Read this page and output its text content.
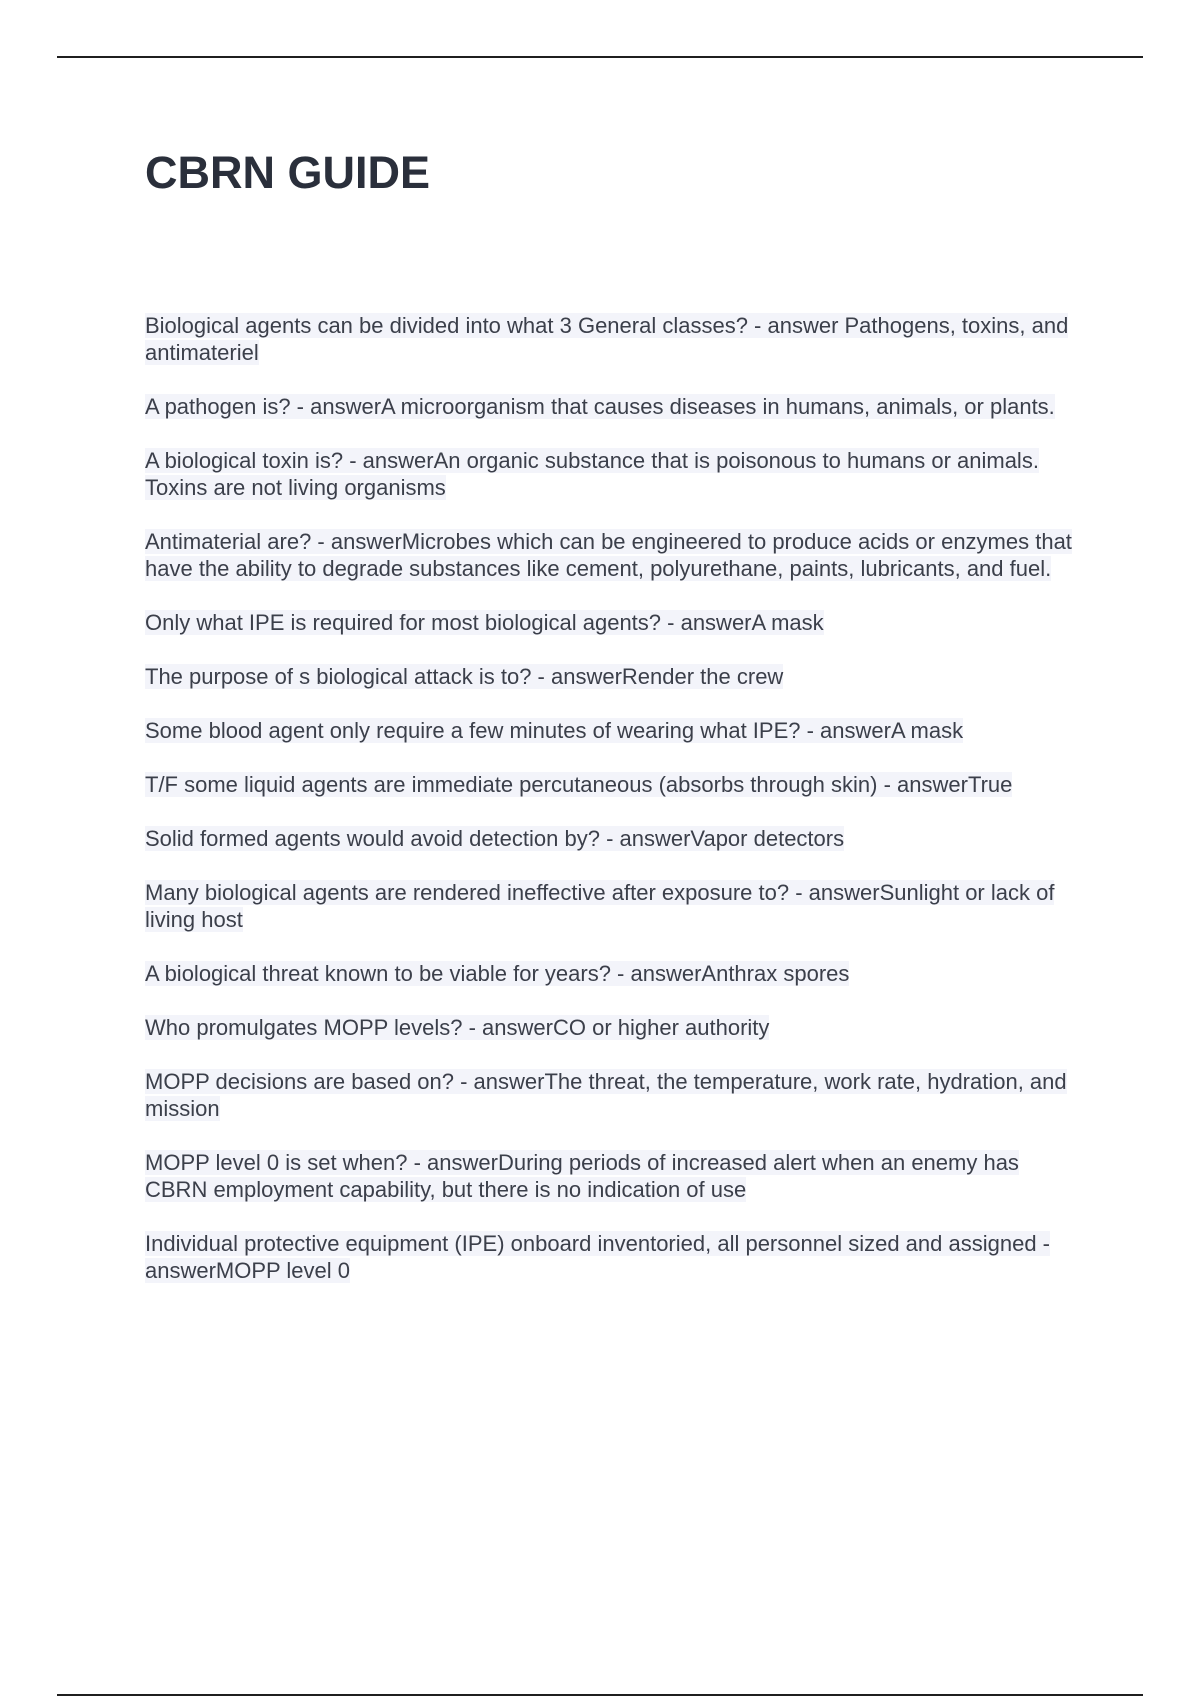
CBRN GUIDE
Biological agents can be divided into what 3 General classes? - answer Pathogens, toxins, and antimateriel
A pathogen is? - answerA microorganism that causes diseases in humans, animals, or plants.
A biological toxin is? - answerAn organic substance that is poisonous to humans or animals. Toxins are not living organisms
Antimaterial are? - answerMicrobes which can be engineered to produce acids or enzymes that have the ability to degrade substances like cement, polyurethane, paints, lubricants, and fuel.
Only what IPE is required for most biological agents? - answerA mask
The purpose of s biological attack is to? - answerRender the crew
Some blood agent only require a few minutes of wearing what IPE? - answerA mask
T/F some liquid agents are immediate percutaneous (absorbs through skin) - answerTrue
Solid formed agents would avoid detection by? - answerVapor detectors
Many biological agents are rendered ineffective after exposure to? - answerSunlight or lack of living host
A biological threat known to be viable for years? - answerAnthrax spores
Who promulgates MOPP levels? - answerCO or higher authority
MOPP decisions are based on? - answerThe threat, the temperature, work rate, hydration, and mission
MOPP level 0 is set when? - answerDuring periods of increased alert when an enemy has CBRN employment capability, but there is no indication of use
Individual protective equipment (IPE) onboard inventoried, all personnel sized and assigned - answerMOPP level 0
